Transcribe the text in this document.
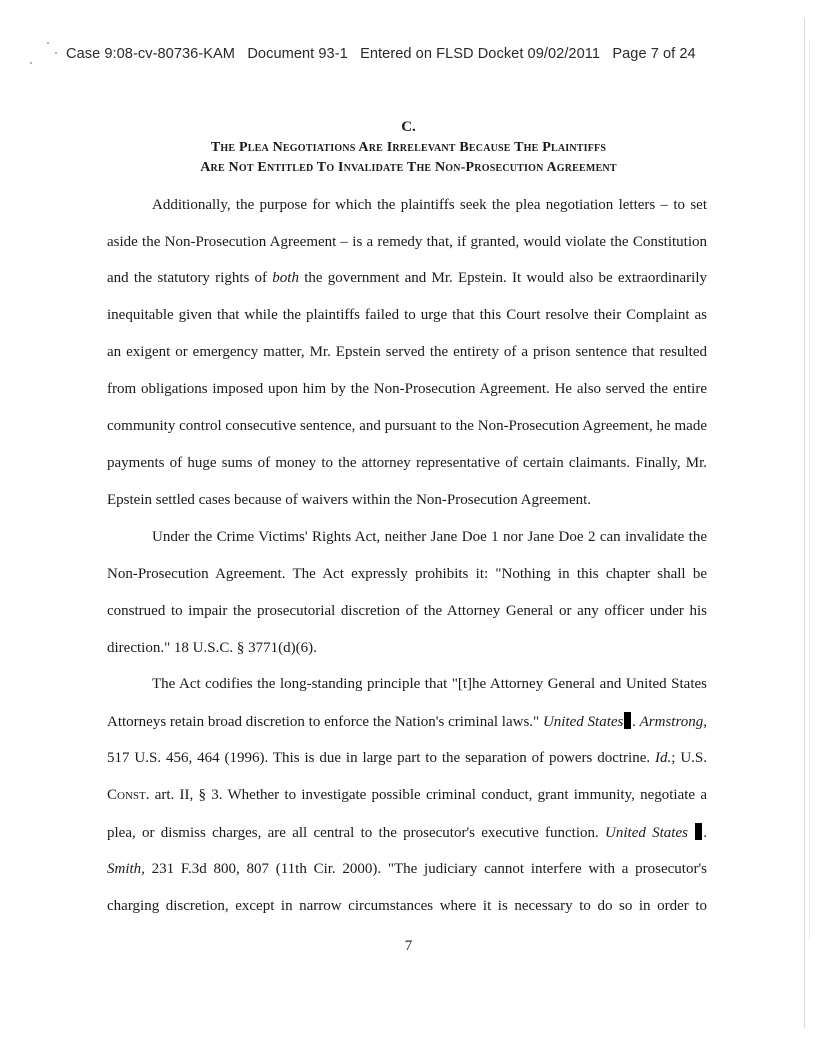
Case 9:08-cv-80736-KAM Document 93-1 Entered on FLSD Docket 09/02/2011 Page 7 of 24
C.
The Plea Negotiations Are Irrelevant Because The Plaintiffs
Are Not Entitled To Invalidate The Non-Prosecution Agreement
Additionally, the purpose for which the plaintiffs seek the plea negotiation letters – to set
aside the Non-Prosecution Agreement – is a remedy that, if granted, would violate the Constitution
and the statutory rights of both the government and Mr. Epstein. It would also be extraordinarily
inequitable given that while the plaintiffs failed to urge that this Court resolve their Complaint as
an exigent or emergency matter, Mr. Epstein served the entirety of a prison sentence that resulted
from obligations imposed upon him by the Non-Prosecution Agreement. He also served the entire
community control consecutive sentence, and pursuant to the Non-Prosecution Agreement, he made
payments of huge sums of money to the attorney representative of certain claimants. Finally, Mr.
Epstein settled cases because of waivers within the Non-Prosecution Agreement.
Under the Crime Victims' Rights Act, neither Jane Doe 1 nor Jane Doe 2 can invalidate the
Non-Prosecution Agreement. The Act expressly prohibits it: "Nothing in this chapter shall be
construed to impair the prosecutorial discretion of the Attorney General or any officer under his
direction." 18 U.S.C. § 3771(d)(6).
The Act codifies the long-standing principle that "[t]he Attorney General and United States
Attorneys retain broad discretion to enforce the Nation's criminal laws." United States . Armstrong,
517 U.S. 456, 464 (1996). This is due in large part to the separation of powers doctrine. Id.; U.S.
Const. art. II, § 3. Whether to investigate possible criminal conduct, grant immunity, negotiate a
plea, or dismiss charges, are all central to the prosecutor's executive function. United States .
Smith, 231 F.3d 800, 807 (11th Cir. 2000). "The judiciary cannot interfere with a prosecutor's
charging discretion, except in narrow circumstances where it is necessary to do so in order to
7
